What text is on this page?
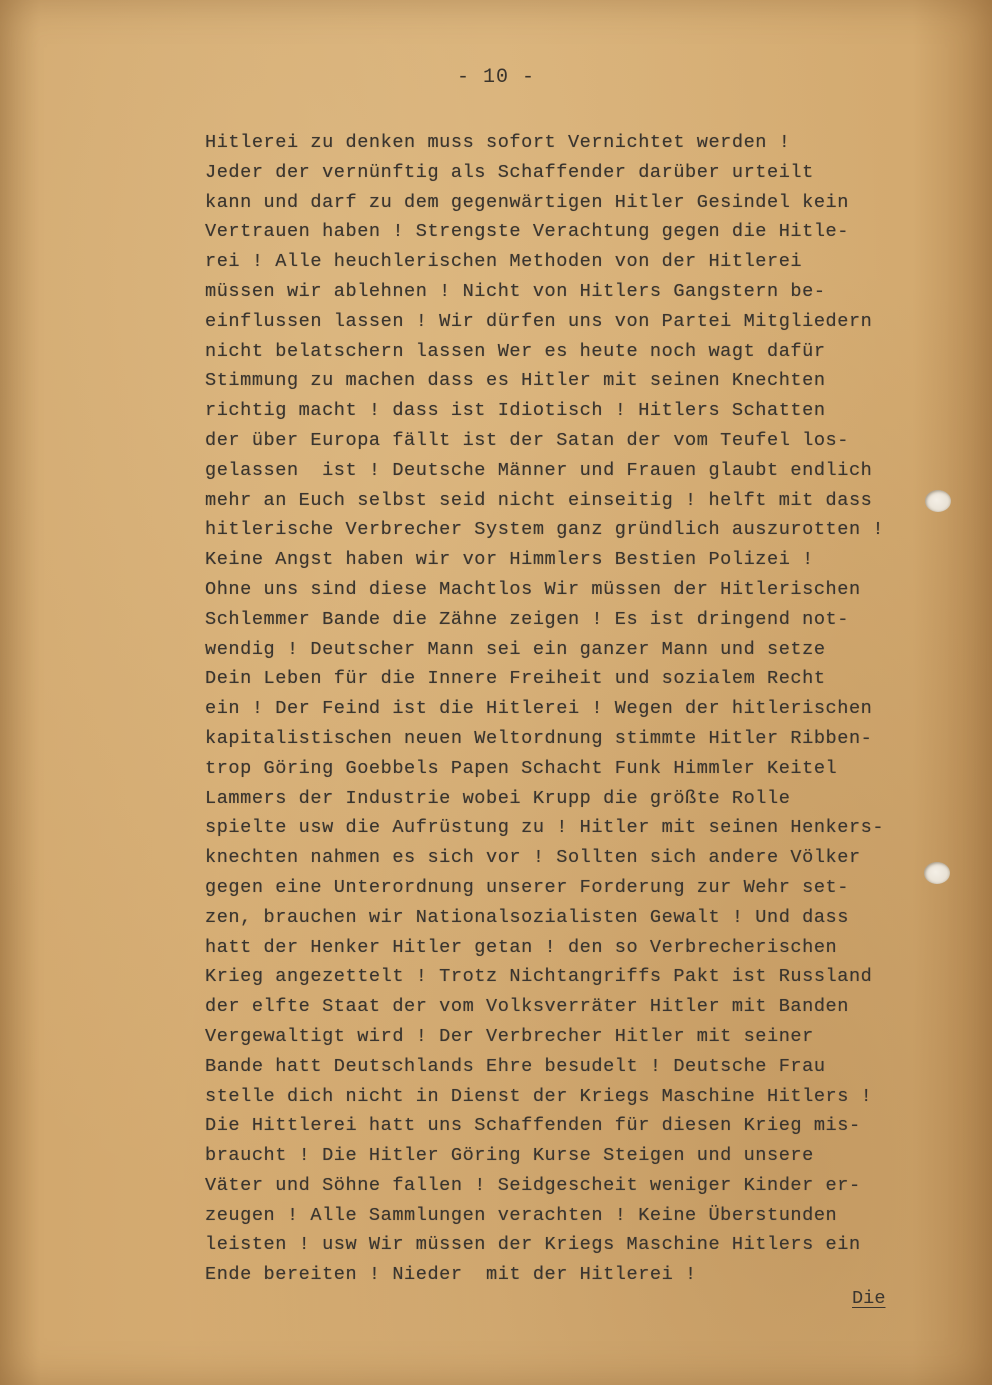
- 10 -
Hitlerei zu denken muss sofort Vernichtet werden !
Jeder der vernünftig als Schaffender darüber urteilt
kann und darf zu dem gegenwärtigen Hitler Gesindel kein
Vertrauen haben ! Strengste Verachtung gegen die Hitle-
rei ! Alle heuchlerischen Methoden von der Hitlerei
müssen wir ablehnen ! Nicht von Hitlers Gangstern be-
einflussen lassen ! Wir dürfen uns von Partei Mitgliedern
nicht belatschern lassen Wer es heute noch wagt dafür
Stimmung zu machen dass es Hitler mit seinen Knechten
richtig macht ! dass ist Idiotisch ! Hitlers Schatten
der über Europa fällt ist der Satan der vom Teufel los-
gelassen  ist ! Deutsche Männer und Frauen glaubt endlich
mehr an Euch selbst seid nicht einseitig ! helft mit dass
hitlerische Verbrecher System ganz gründlich auszurotten !
Keine Angst haben wir vor Himmlers Bestien Polizei !
Ohne uns sind diese Machtlos Wir müssen der Hitlerischen
Schlemmer Bande die Zähne zeigen ! Es ist dringend not-
wendig ! Deutscher Mann sei ein ganzer Mann und setze
Dein Leben für die Innere Freiheit und sozialem Recht
ein ! Der Feind ist die Hitlerei ! Wegen der hitlerischen
kapitalistischen neuen Weltordnung stimmte Hitler Ribben-
trop Göring Goebbels Papen Schacht Funk Himmler Keitel
Lammers der Industrie wobei Krupp die größte Rolle
spielte usw die Aufrüstung zu ! Hitler mit seinen Henkers-
knechten nahmen es sich vor ! Sollten sich andere Völker
gegen eine Unterordnung unserer Forderung zur Wehr set-
zen, brauchen wir Nationalsozialisten Gewalt ! Und dass
hatt der Henker Hitler getan ! den so Verbrecherischen
Krieg angezettelt ! Trotz Nichtangriffs Pakt ist Russland
der elfte Staat der vom Volksverräter Hitler mit Banden
Vergewaltigt wird ! Der Verbrecher Hitler mit seiner
Bande hatt Deutschlands Ehre besudelt ! Deutsche Frau
stelle dich nicht in Dienst der Kriegs Maschine Hitlers !
Die Hittlerei hatt uns Schaffenden für diesen Krieg mis-
braucht ! Die Hitler Göring Kurse Steigen und unsere
Väter und Söhne fallen ! Seidgescheit weniger Kinder er-
zeugen ! Alle Sammlungen verachten ! Keine Überstunden
leisten ! usw Wir müssen der Kriegs Maschine Hitlers ein
Ende bereiten ! Nieder  mit der Hitlerei !
Die
